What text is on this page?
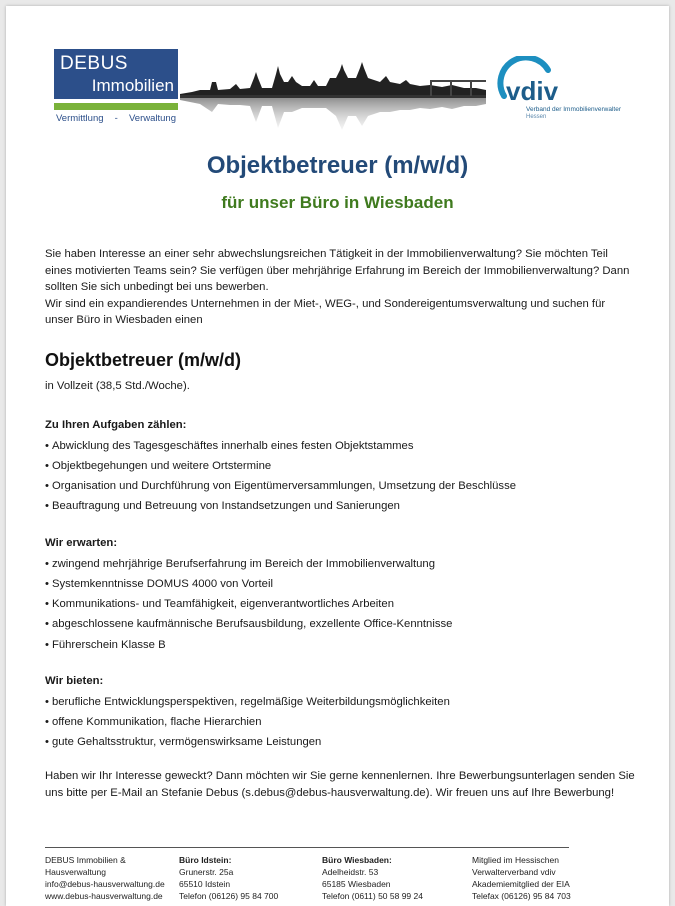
DEBUS
Immobilien
Vermittlung - Verwaltung
vdiv
Verband der Immobilienverwalter
Hessen
Objektbetreuer (m/w/d)
für unser Büro in Wiesbaden

Sie haben Interesse an einer sehr abwechslungsreichen Tätigkeit in der Immobilienverwaltung? Sie möchten Teil eines motivierten Teams sein? Sie verfügen über mehrjährige Erfahrung im Bereich der Immobilienverwaltung? Dann sollten Sie sich unbedingt bei uns bewerben.

Wir sind ein expandierendes Unternehmen in der Miet-, WEG-, und Sondereigentumsverwaltung und suchen für unser Büro in Wiesbaden einen

Objektbetreuer (m/w/d)
in Vollzeit (38,5 Std./Woche).
Zu Ihren Aufgaben zählen:
• Abwicklung des Tagesgeschäftes innerhalb eines festen Objektstammes
• Objektbegehungen und weitere Ortstermine
• Organisation und Durchführung von Eigentümerversammlungen, Umsetzung der Beschlüsse
• Beauftragung und Betreuung von Instandsetzungen und Sanierungen
Wir erwarten:
• zwingend mehrjährige Berufserfahrung im Bereich der Immobilienverwaltung
• Systemkenntnisse DOMUS 4000 von Vorteil
• Kommunikations- und Teamfähigkeit, eigenverantwortliches Arbeiten
• abgeschlossene kaufmännische Berufsausbildung, exzellente Office-Kenntnisse
• Führerschein Klasse B
Wir bieten:
• berufliche Entwicklungsperspektiven, regelmäßige Weiterbildungsmöglichkeiten
• offene Kommunikation, flache Hierarchien
• gute Gehaltsstruktur, vermögenswirksame Leistungen

Haben wir Ihr Interesse geweckt? Dann möchten wir Sie gerne kennenlernen. Ihre Bewerbungsunterlagen senden Sie uns bitte per E-Mail an Stefanie Debus (s.debus@debus-hausverwaltung.de). Wir freuen uns auf Ihre Bewerbung!

DEBUS Immobilien &
Hausverwaltung
info@debus-hausverwaltung.de
www.debus-hausverwaltung.de
Büro Idstein:
Grunerstr. 25a
65510 Idstein
Telefon (06126) 95 84 700
Büro Wiesbaden:
Adelheidstr. 53
65185 Wiesbaden
Telefon (0611) 50 58 99 24
Mitglied im Hessischen
Verwalterverband vdiv
Akademiemitglied der EIA
Telefax (06126) 95 84 703
